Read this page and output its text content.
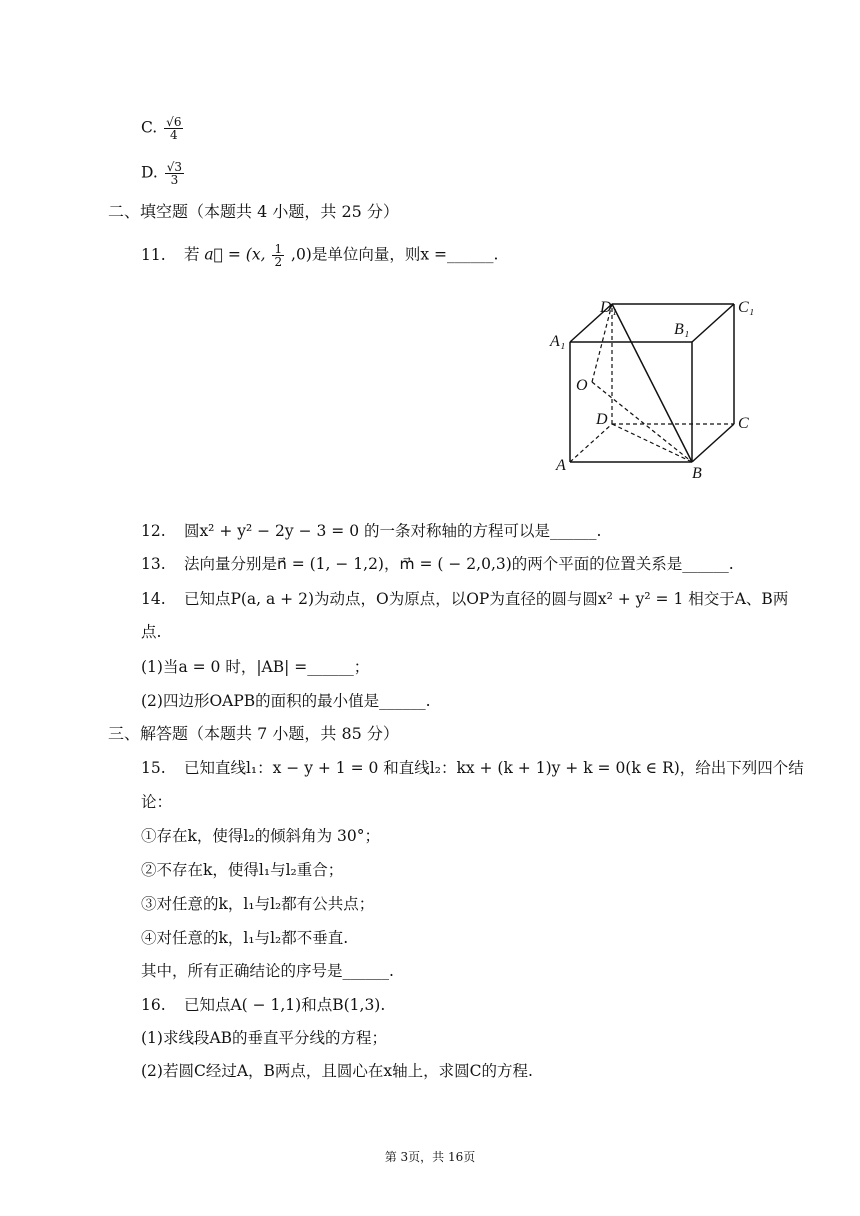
C. $\frac{√6}{4}$
D. $\frac{√3}{3}$
二、填空题（本题共 4 小题，共 25 分）
11. 若 a⃗ = (x, $\frac{1}{2} ,0$)是单位向量，则x =______.
D₁	C₁
A₁
B₁
O
D	C
A	B
12. 圆x² + y² − 2y − 3 = 0 的一条对称轴的方程可以是______.
13. 法向量分别是n⃗ = (1, − 1,2)，m⃗ = ( − 2,0,3)的两个平面的位置关系是______.
14. 已知点P(a, a + 2)为动点，O为原点，以OP为直径的圆与圆x² + y² = 1 相交于A、B两
点.
(1)当a = 0 时，|AB| =______；
(2)四边形OAPB的面积的最小值是______.
三、解答题（本题共 7 小题，共 85 分）
15. 已知直线l₁：x − y + 1 = 0 和直线l₂：kx + (k + 1)y + k = 0(k ∈ R)，给出下列四个结
论：
①存在k，使得l₂的倾斜角为 30°；
②不存在k，使得l₁与l₂重合；
③对任意的k，l₁与l₂都有公共点；
④对任意的k，l₁与l₂都不垂直.
其中，所有正确结论的序号是______.
16. 已知点A( − 1,1)和点B(1,3).
(1)求线段AB的垂直平分线的方程；
(2)若圆C经过A，B两点，且圆心在x轴上，求圆C的方程.
第 3页，共 16页
